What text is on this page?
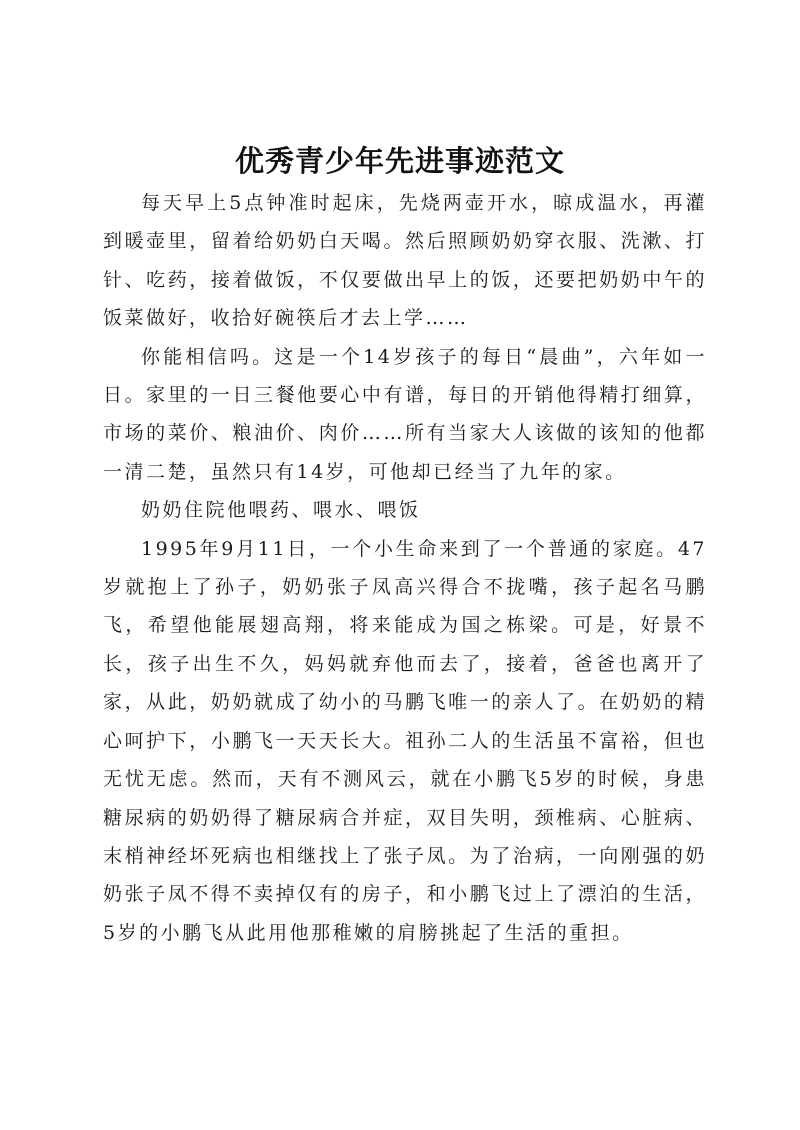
优秀青少年先进事迹范文

每天早上5点钟准时起床，先烧两壶开水，晾成温水，再灌到暖壶里，留着给奶奶白天喝。然后照顾奶奶穿衣服、洗漱、打针、吃药，接着做饭，不仅要做出早上的饭，还要把奶奶中午的饭菜做好，收拾好碗筷后才去上学……

你能相信吗。这是一个14岁孩子的每日“晨曲”，六年如一日。家里的一日三餐他要心中有谱，每日的开销他得精打细算，市场的菜价、粮油价、肉价……所有当家大人该做的该知的他都一清二楚，虽然只有14岁，可他却已经当了九年的家。

奶奶住院他喂药、喂水、喂饭

1995年9月11日，一个小生命来到了一个普通的家庭。47岁就抱上了孙子，奶奶张子凤高兴得合不拢嘴，孩子起名马鹏飞，希望他能展翅高翔，将来能成为国之栋梁。可是，好景不长，孩子出生不久，妈妈就弃他而去了，接着，爸爸也离开了家，从此，奶奶就成了幼小的马鹏飞唯一的亲人了。在奶奶的精心呵护下，小鹏飞一天天长大。祖孙二人的生活虽不富裕，但也无忧无虑。然而，天有不测风云，就在小鹏飞5岁的时候，身患糖尿病的奶奶得了糖尿病合并症，双目失明，颈椎病、心脏病、末梢神经坏死病也相继找上了张子凤。为了治病，一向刚强的奶奶张子凤不得不卖掉仅有的房子，和小鹏飞过上了漂泊的生活，5岁的小鹏飞从此用他那稚嫩的肩膀挑起了生活的重担。
